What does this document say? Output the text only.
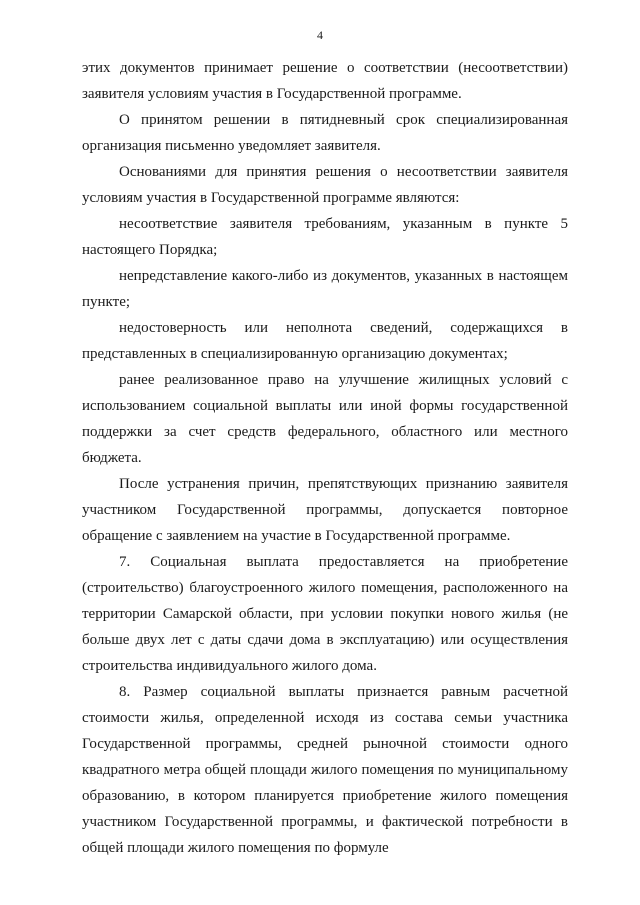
4

этих документов принимает решение о соответствии (несоответствии) заявителя условиям участия в Государственной программе.

О принятом решении в пятидневный срок специализированная организация письменно уведомляет заявителя.

Основаниями для принятия решения о несоответствии заявителя условиям участия в Государственной программе являются:

несоответствие заявителя требованиям, указанным в пункте 5 настоящего Порядка;

непредставление какого-либо из документов, указанных в настоящем пункте;

недостоверность или неполнота сведений, содержащихся в представленных в специализированную организацию документах;

ранее реализованное право на улучшение жилищных условий с использованием социальной выплаты или иной формы государственной поддержки за счет средств федерального, областного или местного бюджета.

После устранения причин, препятствующих признанию заявителя участником Государственной программы, допускается повторное обращение с заявлением на участие в Государственной программе.

7. Социальная выплата предоставляется на приобретение (строительство) благоустроенного жилого помещения, расположенного на территории Самарской области, при условии покупки нового жилья (не больше двух лет с даты сдачи дома в эксплуатацию) или осуществления строительства индивидуального жилого дома.

8. Размер социальной выплаты признается равным расчетной стоимости жилья, определенной исходя из состава семьи участника Государственной программы, средней рыночной стоимости одного квадратного метра общей площади жилого помещения по муниципальному образованию, в котором планируется приобретение жилого помещения участником Государственной программы, и фактической потребности в общей площади жилого помещения по формуле
